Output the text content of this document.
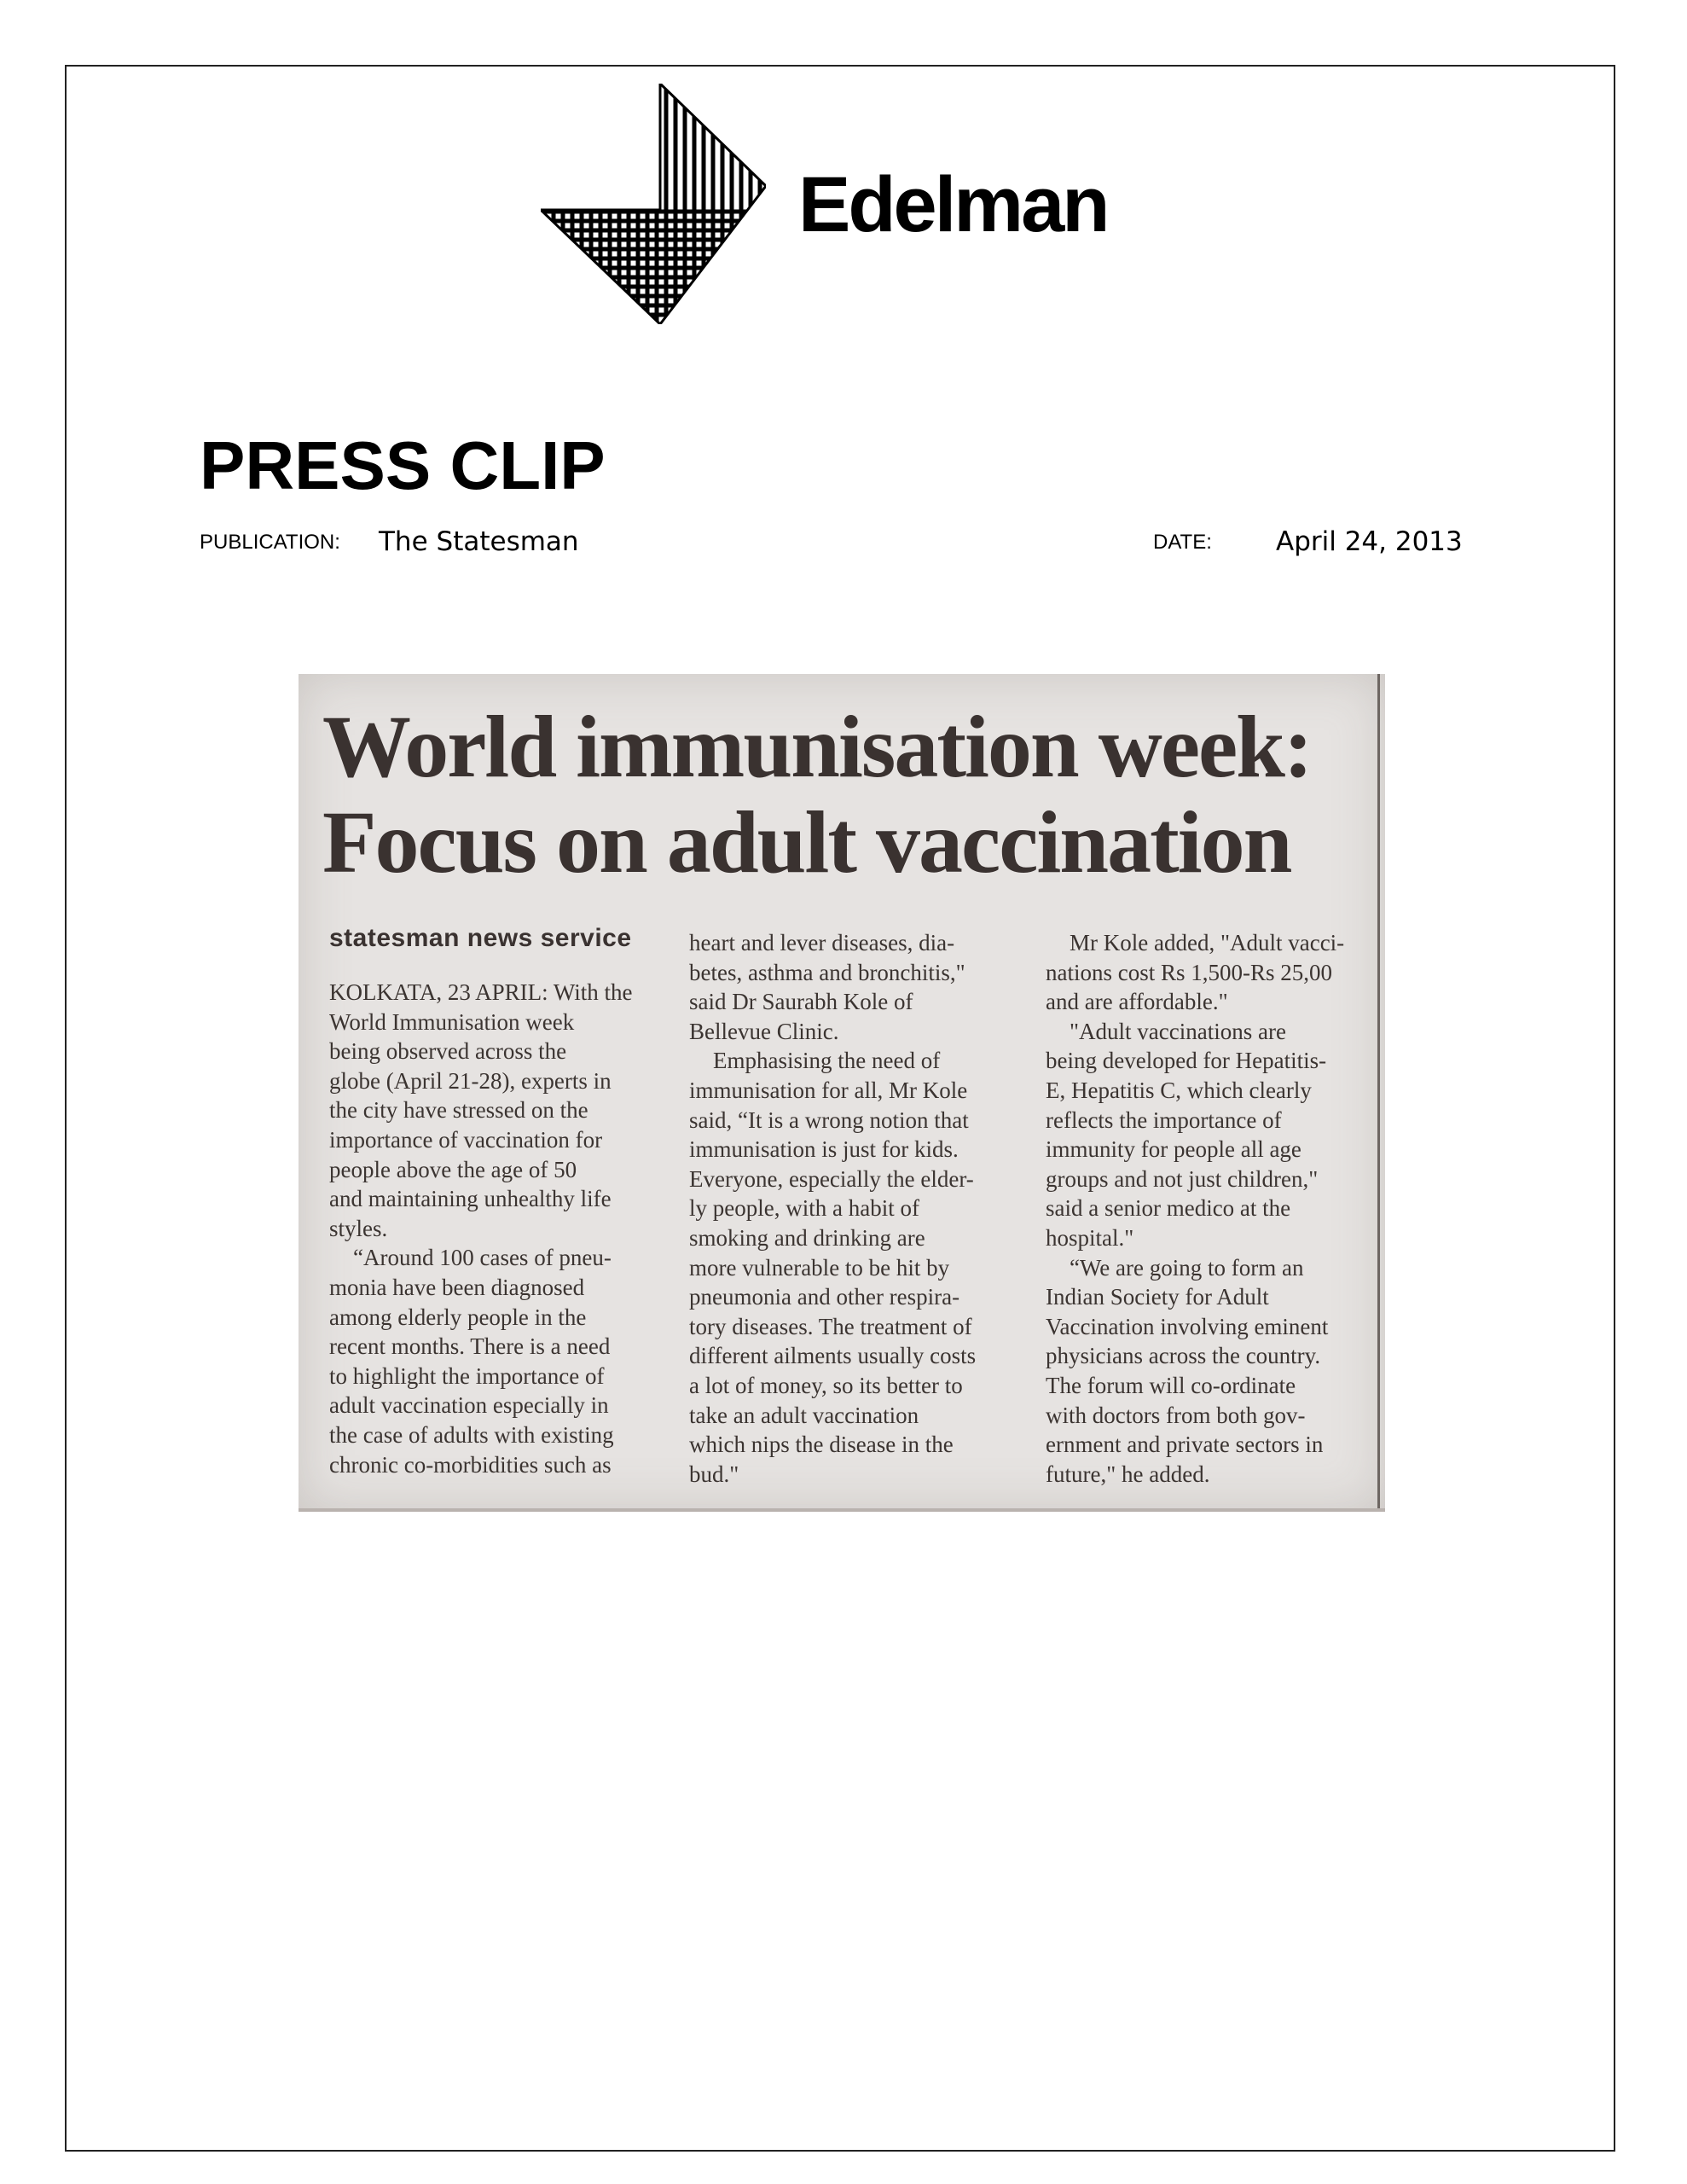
Edelman
PRESS CLIP
PUBLICATION: The Statesman	DATE: April 24, 2013
World immunisation week:
Focus on adult vaccination
statesman news service

KOLKATA, 23 APRIL: With the

World Immunisation week

being observed across the

globe (April 21-28), experts in

the city have stressed on the

importance of vaccination for

people above the age of 50

and maintaining unhealthy life

styles.

“Around 100 cases of pneu-

monia have been diagnosed

among elderly people in the

recent months. There is a need

to highlight the importance of

adult vaccination especially in

the case of adults with existing

chronic co-morbidities such as

heart and lever diseases, dia-

betes, asthma and bronchitis,"

said Dr Saurabh Kole of

Bellevue Clinic.

Emphasising the need of

immunisation for all, Mr Kole

said, “It is a wrong notion that

immunisation is just for kids.

Everyone, especially the elder-

ly people, with a habit of

smoking and drinking are

more vulnerable to be hit by

pneumonia and other respira-

tory diseases. The treatment of

different ailments usually costs

a lot of money, so its better to

take an adult vaccination

which nips the disease in the

bud."

Mr Kole added, "Adult vacci-

nations cost Rs 1,500-Rs 25,00

and are affordable."

"Adult vaccinations are

being developed for Hepatitis-

E, Hepatitis C, which clearly

reflects the importance of

immunity for people all age

groups and not just children,"

said a senior medico at the

hospital."

“We are going to form an

Indian Society for Adult

Vaccination involving eminent

physicians across the country.

The forum will co-ordinate

with doctors from both gov-

ernment and private sectors in

future," he added.
